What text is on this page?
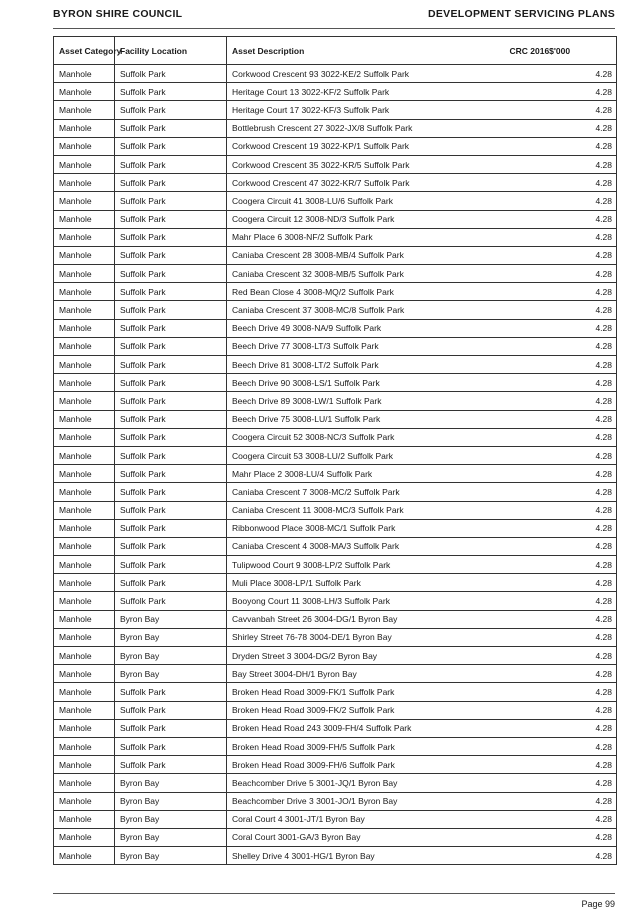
BYRON SHIRE COUNCIL	DEVELOPMENT SERVICING PLANS
Asset Category	Facility Location	Asset Description	CRC 2016$'000
Manhole	Suffolk Park	Corkwood Crescent 93 3022-KE/2 Suffolk Park	4.28
Manhole	Suffolk Park	Heritage Court 13 3022-KF/2 Suffolk Park	4.28
Manhole	Suffolk Park	Heritage Court 17 3022-KF/3 Suffolk Park	4.28
Manhole	Suffolk Park	Bottlebrush Crescent 27 3022-JX/8 Suffolk Park	4.28
Manhole	Suffolk Park	Corkwood Crescent 19 3022-KP/1 Suffolk Park	4.28
Manhole	Suffolk Park	Corkwood Crescent 35 3022-KR/5 Suffolk Park	4.28
Manhole	Suffolk Park	Corkwood Crescent 47 3022-KR/7 Suffolk Park	4.28
Manhole	Suffolk Park	Coogera Circuit 41 3008-LU/6 Suffolk Park	4.28
Manhole	Suffolk Park	Coogera Circuit 12 3008-ND/3 Suffolk Park	4.28
Manhole	Suffolk Park	Mahr Place 6 3008-NF/2 Suffolk Park	4.28
Manhole	Suffolk Park	Caniaba Crescent 28 3008-MB/4 Suffolk Park	4.28
Manhole	Suffolk Park	Caniaba Crescent 32 3008-MB/5 Suffolk Park	4.28
Manhole	Suffolk Park	Red Bean Close 4 3008-MQ/2 Suffolk Park	4.28
Manhole	Suffolk Park	Caniaba Crescent 37 3008-MC/8 Suffolk Park	4.28
Manhole	Suffolk Park	Beech Drive 49 3008-NA/9 Suffolk Park	4.28
Manhole	Suffolk Park	Beech Drive 77 3008-LT/3 Suffolk Park	4.28
Manhole	Suffolk Park	Beech Drive 81 3008-LT/2 Suffolk Park	4.28
Manhole	Suffolk Park	Beech Drive 90 3008-LS/1 Suffolk Park	4.28
Manhole	Suffolk Park	Beech Drive 89 3008-LW/1 Suffolk Park	4.28
Manhole	Suffolk Park	Beech Drive 75 3008-LU/1 Suffolk Park	4.28
Manhole	Suffolk Park	Coogera Circuit 52 3008-NC/3 Suffolk Park	4.28
Manhole	Suffolk Park	Coogera Circuit 53 3008-LU/2 Suffolk Park	4.28
Manhole	Suffolk Park	Mahr Place 2 3008-LU/4 Suffolk Park	4.28
Manhole	Suffolk Park	Caniaba Crescent 7 3008-MC/2 Suffolk Park	4.28
Manhole	Suffolk Park	Caniaba Crescent 11 3008-MC/3 Suffolk Park	4.28
Manhole	Suffolk Park	Ribbonwood Place 3008-MC/1 Suffolk Park	4.28
Manhole	Suffolk Park	Caniaba Crescent 4 3008-MA/3 Suffolk Park	4.28
Manhole	Suffolk Park	Tulipwood Court 9 3008-LP/2 Suffolk Park	4.28
Manhole	Suffolk Park	Muli Place 3008-LP/1 Suffolk Park	4.28
Manhole	Suffolk Park	Booyong Court 11 3008-LH/3 Suffolk Park	4.28
Manhole	Byron Bay	Cavvanbah Street 26 3004-DG/1 Byron Bay	4.28
Manhole	Byron Bay	Shirley Street 76-78 3004-DE/1 Byron Bay	4.28
Manhole	Byron Bay	Dryden Street 3 3004-DG/2 Byron Bay	4.28
Manhole	Byron Bay	Bay Street 3004-DH/1 Byron Bay	4.28
Manhole	Suffolk Park	Broken Head Road 3009-FK/1 Suffolk Park	4.28
Manhole	Suffolk Park	Broken Head Road 3009-FK/2 Suffolk Park	4.28
Manhole	Suffolk Park	Broken Head Road 243 3009-FH/4 Suffolk Park	4.28
Manhole	Suffolk Park	Broken Head Road 3009-FH/5 Suffolk Park	4.28
Manhole	Suffolk Park	Broken Head Road 3009-FH/6 Suffolk Park	4.28
Manhole	Byron Bay	Beachcomber Drive 5 3001-JQ/1 Byron Bay	4.28
Manhole	Byron Bay	Beachcomber Drive 3 3001-JO/1 Byron Bay	4.28
Manhole	Byron Bay	Coral Court 4 3001-JT/1 Byron Bay	4.28
Manhole	Byron Bay	Coral Court 3001-GA/3 Byron Bay	4.28
Manhole	Byron Bay	Shelley Drive 4 3001-HG/1 Byron Bay	4.28
Page 99
